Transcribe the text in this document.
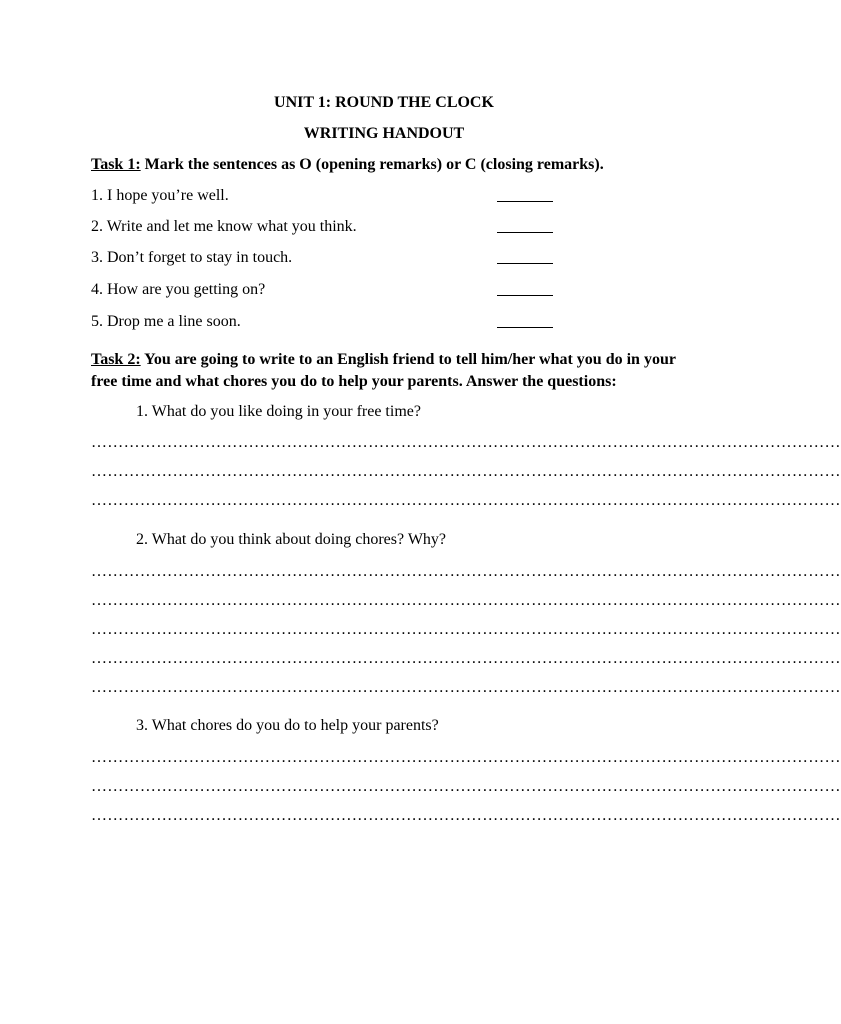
UNIT 1: ROUND THE CLOCK
WRITING HANDOUT
Task 1: Mark the sentences as O (opening remarks) or C (closing remarks).
1. I hope you’re well.
2. Write and let me know what you think.
3. Don’t forget to stay in touch.
4. How are you getting on?
5. Drop me a line soon.
Task 2: You are going to write to an English friend to tell him/her what you do in your free time and what chores you do to help your parents. Answer the questions:
1. What do you like doing in your free time?
…………………………………………………………………………………………………………………………
…………………………………………………………………………………………………………………………
…………………………………………………………………………………………………………………………
2. What do you think about doing chores? Why?
…………………………………………………………………………………………………………………………
…………………………………………………………………………………………………………………………
…………………………………………………………………………………………………………………………
…………………………………………………………………………………………………………………………
…………………………………………………………………………………………………………………………
3. What chores do you do to help your parents?
…………………………………………………………………………………………………………………………
…………………………………………………………………………………………………………………………
…………………………………………………………………………………………………………………………
